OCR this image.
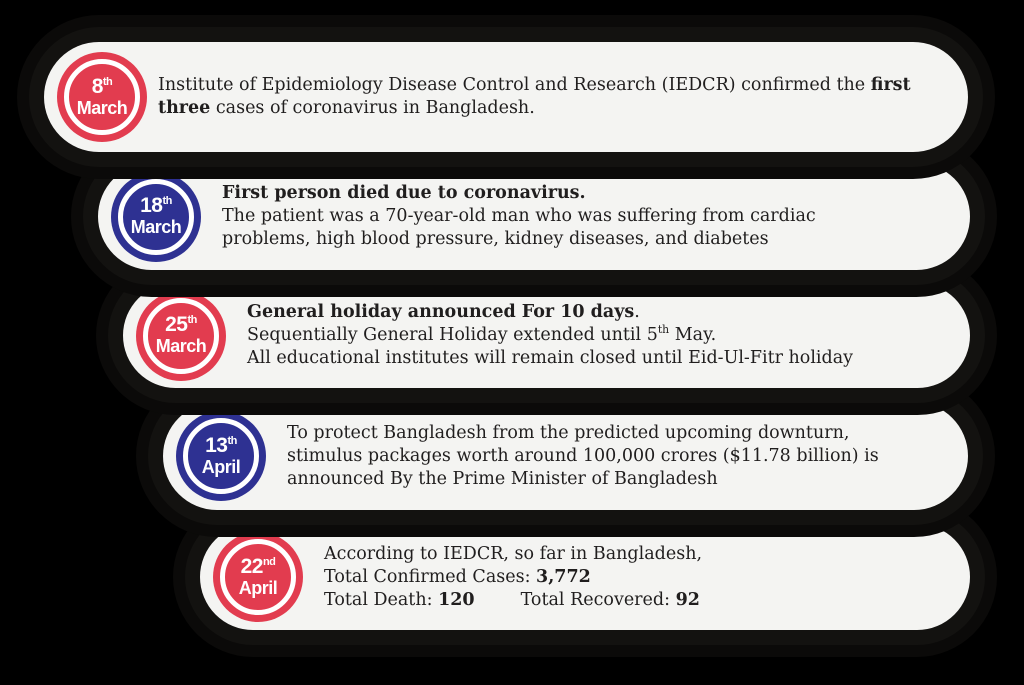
8th
March

Institute of Epidemiology Disease Control and Research (IEDCR) confirmed the first

three cases of coronavirus in Bangladesh.

18th
March

First person died due to coronavirus.

The patient was a 70-year-old man who was suffering from cardiac

problems, high blood pressure, kidney diseases, and diabetes

25th
March

General holiday announced For 10 days.

Sequentially General Holiday extended until 5th May.

All educational institutes will remain closed until Eid-Ul-Fitr holiday

13th
April

To protect Bangladesh from the predicted upcoming downturn,

stimulus packages worth around 100,000 crores ($11.78 billion) is

announced By the Prime Minister of Bangladesh

22nd
April

According to IEDCR, so far in Bangladesh,

Total Confirmed Cases: 3,772

Total Death: 120	Total Recovered: 92
